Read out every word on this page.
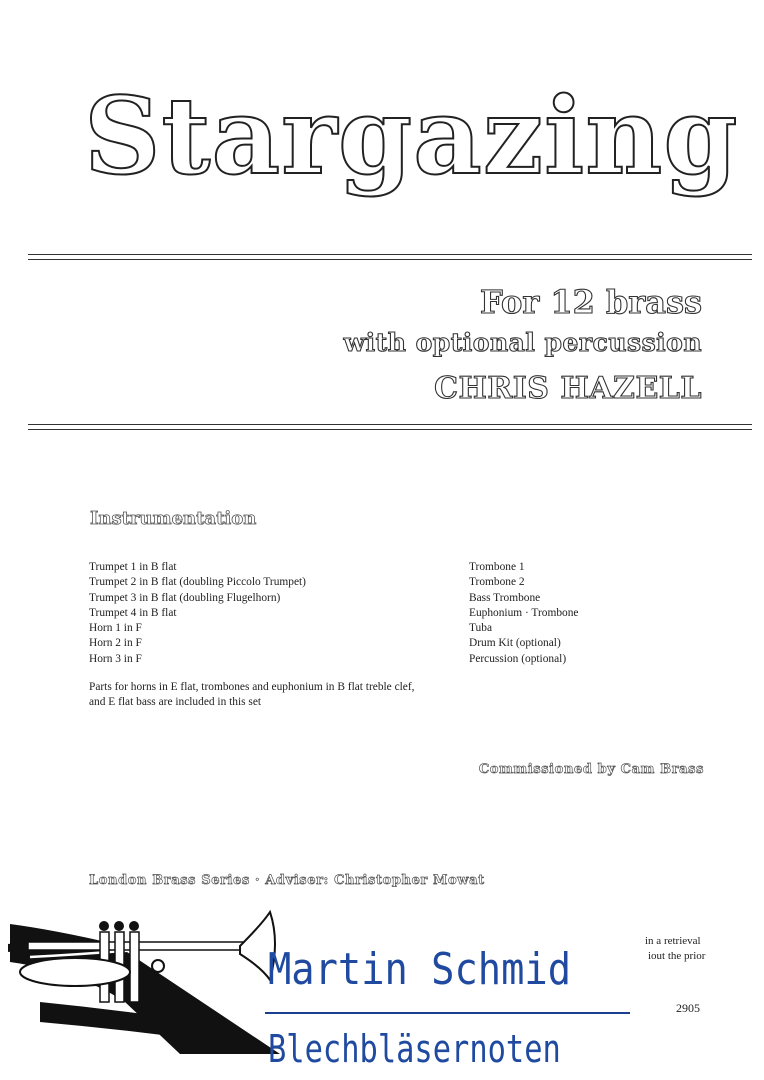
Stargazing
For 12 brass
with optional percussion
CHRIS HAZELL
Instrumentation
Trumpet 1 in B flat
Trumpet 2 in B flat (doubling Piccolo Trumpet)
Trumpet 3 in B flat (doubling Flugelhorn)
Trumpet 4 in B flat
Horn 1 in F
Horn 2 in F
Horn 3 in F
Trombone 1
Trombone 2
Bass Trombone
Euphonium · Trombone
Tuba
Drum Kit (optional)
Percussion (optional)
Parts for horns in E flat, trombones and euphonium in B flat treble clef,
and E flat bass are included in this set
Commissioned by Cam Brass
London Brass Series · Adviser: Christopher Mowat
in a retrieval
iout the prior
2905
Martin Schmid
Blechbläsernoten
